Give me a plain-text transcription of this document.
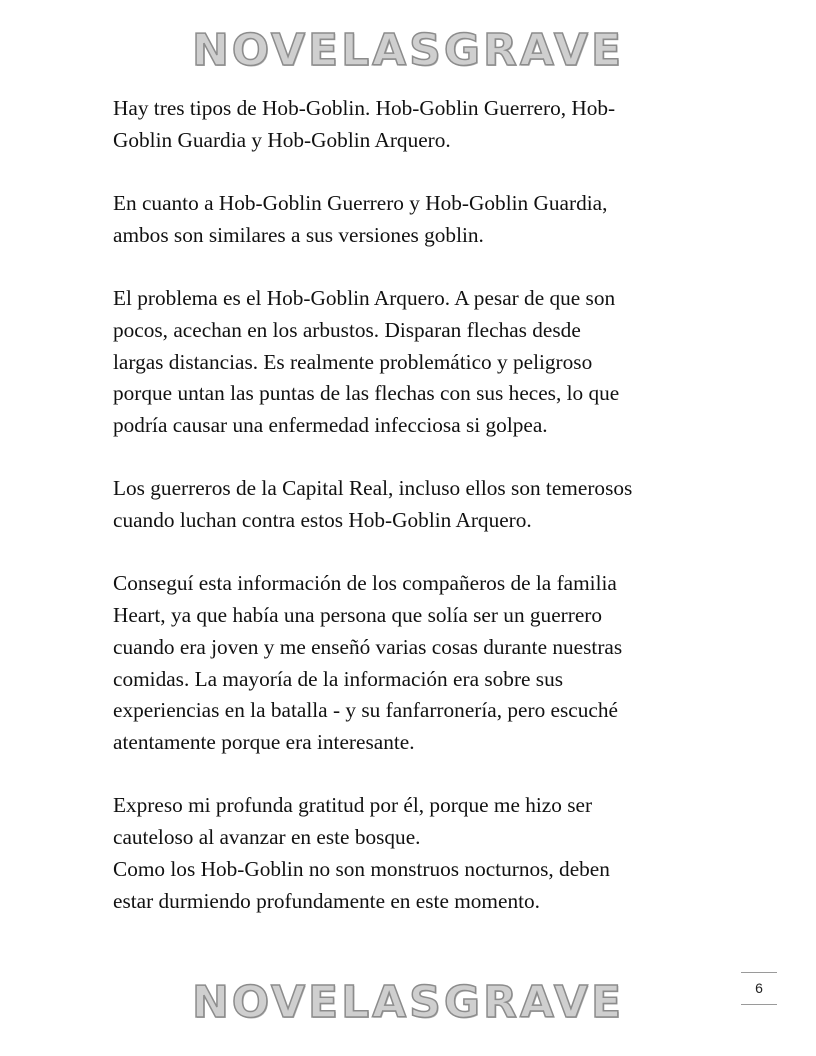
NOVELASGRAVE

Hay tres tipos de Hob-Goblin. Hob-Goblin Guerrero, Hob-
Goblin Guardia y Hob-Goblin Arquero.

En cuanto a Hob-Goblin Guerrero y Hob-Goblin Guardia,
ambos son similares a sus versiones goblin.

El problema es el Hob-Goblin Arquero. A pesar de que son
pocos, acechan en los arbustos. Disparan flechas desde
largas distancias. Es realmente problemático y peligroso
porque untan las puntas de las flechas con sus heces, lo que
podría causar una enfermedad infecciosa si golpea.

Los guerreros de la Capital Real, incluso ellos son temerosos
cuando luchan contra estos Hob-Goblin Arquero.

Conseguí esta información de los compañeros de la familia
Heart, ya que había una persona que solía ser un guerrero
cuando era joven y me enseñó varias cosas durante nuestras
comidas. La mayoría de la información era sobre sus
experiencias en la batalla - y su fanfarronería, pero escuché
atentamente porque era interesante.

Expreso mi profunda gratitud por él, porque me hizo ser
cauteloso al avanzar en este bosque.

Como los Hob-Goblin no son monstruos nocturnos, deben
estar durmiendo profundamente en este momento.

6
NOVELASGRAVE
